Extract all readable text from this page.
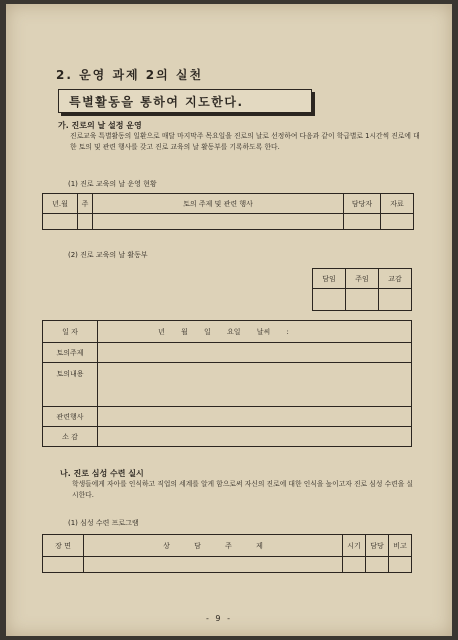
2. 운영 과제 2의 실천
특별활동을 통하여 지도한다.
가. 진로의 날 설정 운영
진로교육 특별활동의 일환으로 매달 마지막주 목요일을 진로의 날로 선정하여 다음과 같이 학급별로 1시간씩 진로에 대한 토의 및 관련 행사를 갖고 진로 교육의 날 활동부를 기록하도록 한다.
(1) 진로 교육의 날 운영 현황
년.월	주	토의 주제 및 관련 행사	담당자	자료

(2) 진로 교육의 날 활동부
담임	주임	교감

일 자	년 월 일 요일 날씨 :
토의주제	
토의내용	
관련행사	
소 감	
나. 진로 심성 수련 실시
학생들에게 자아를 인식하고 직업의 세계를 알게 함으로써 자신의 진로에 대한 인식을 높이고자 진로 심성 수련을 실시한다.
(1) 심성 수련 프로그램
장 면	상 담 주 제	시기	담당	비고

- 9 -
